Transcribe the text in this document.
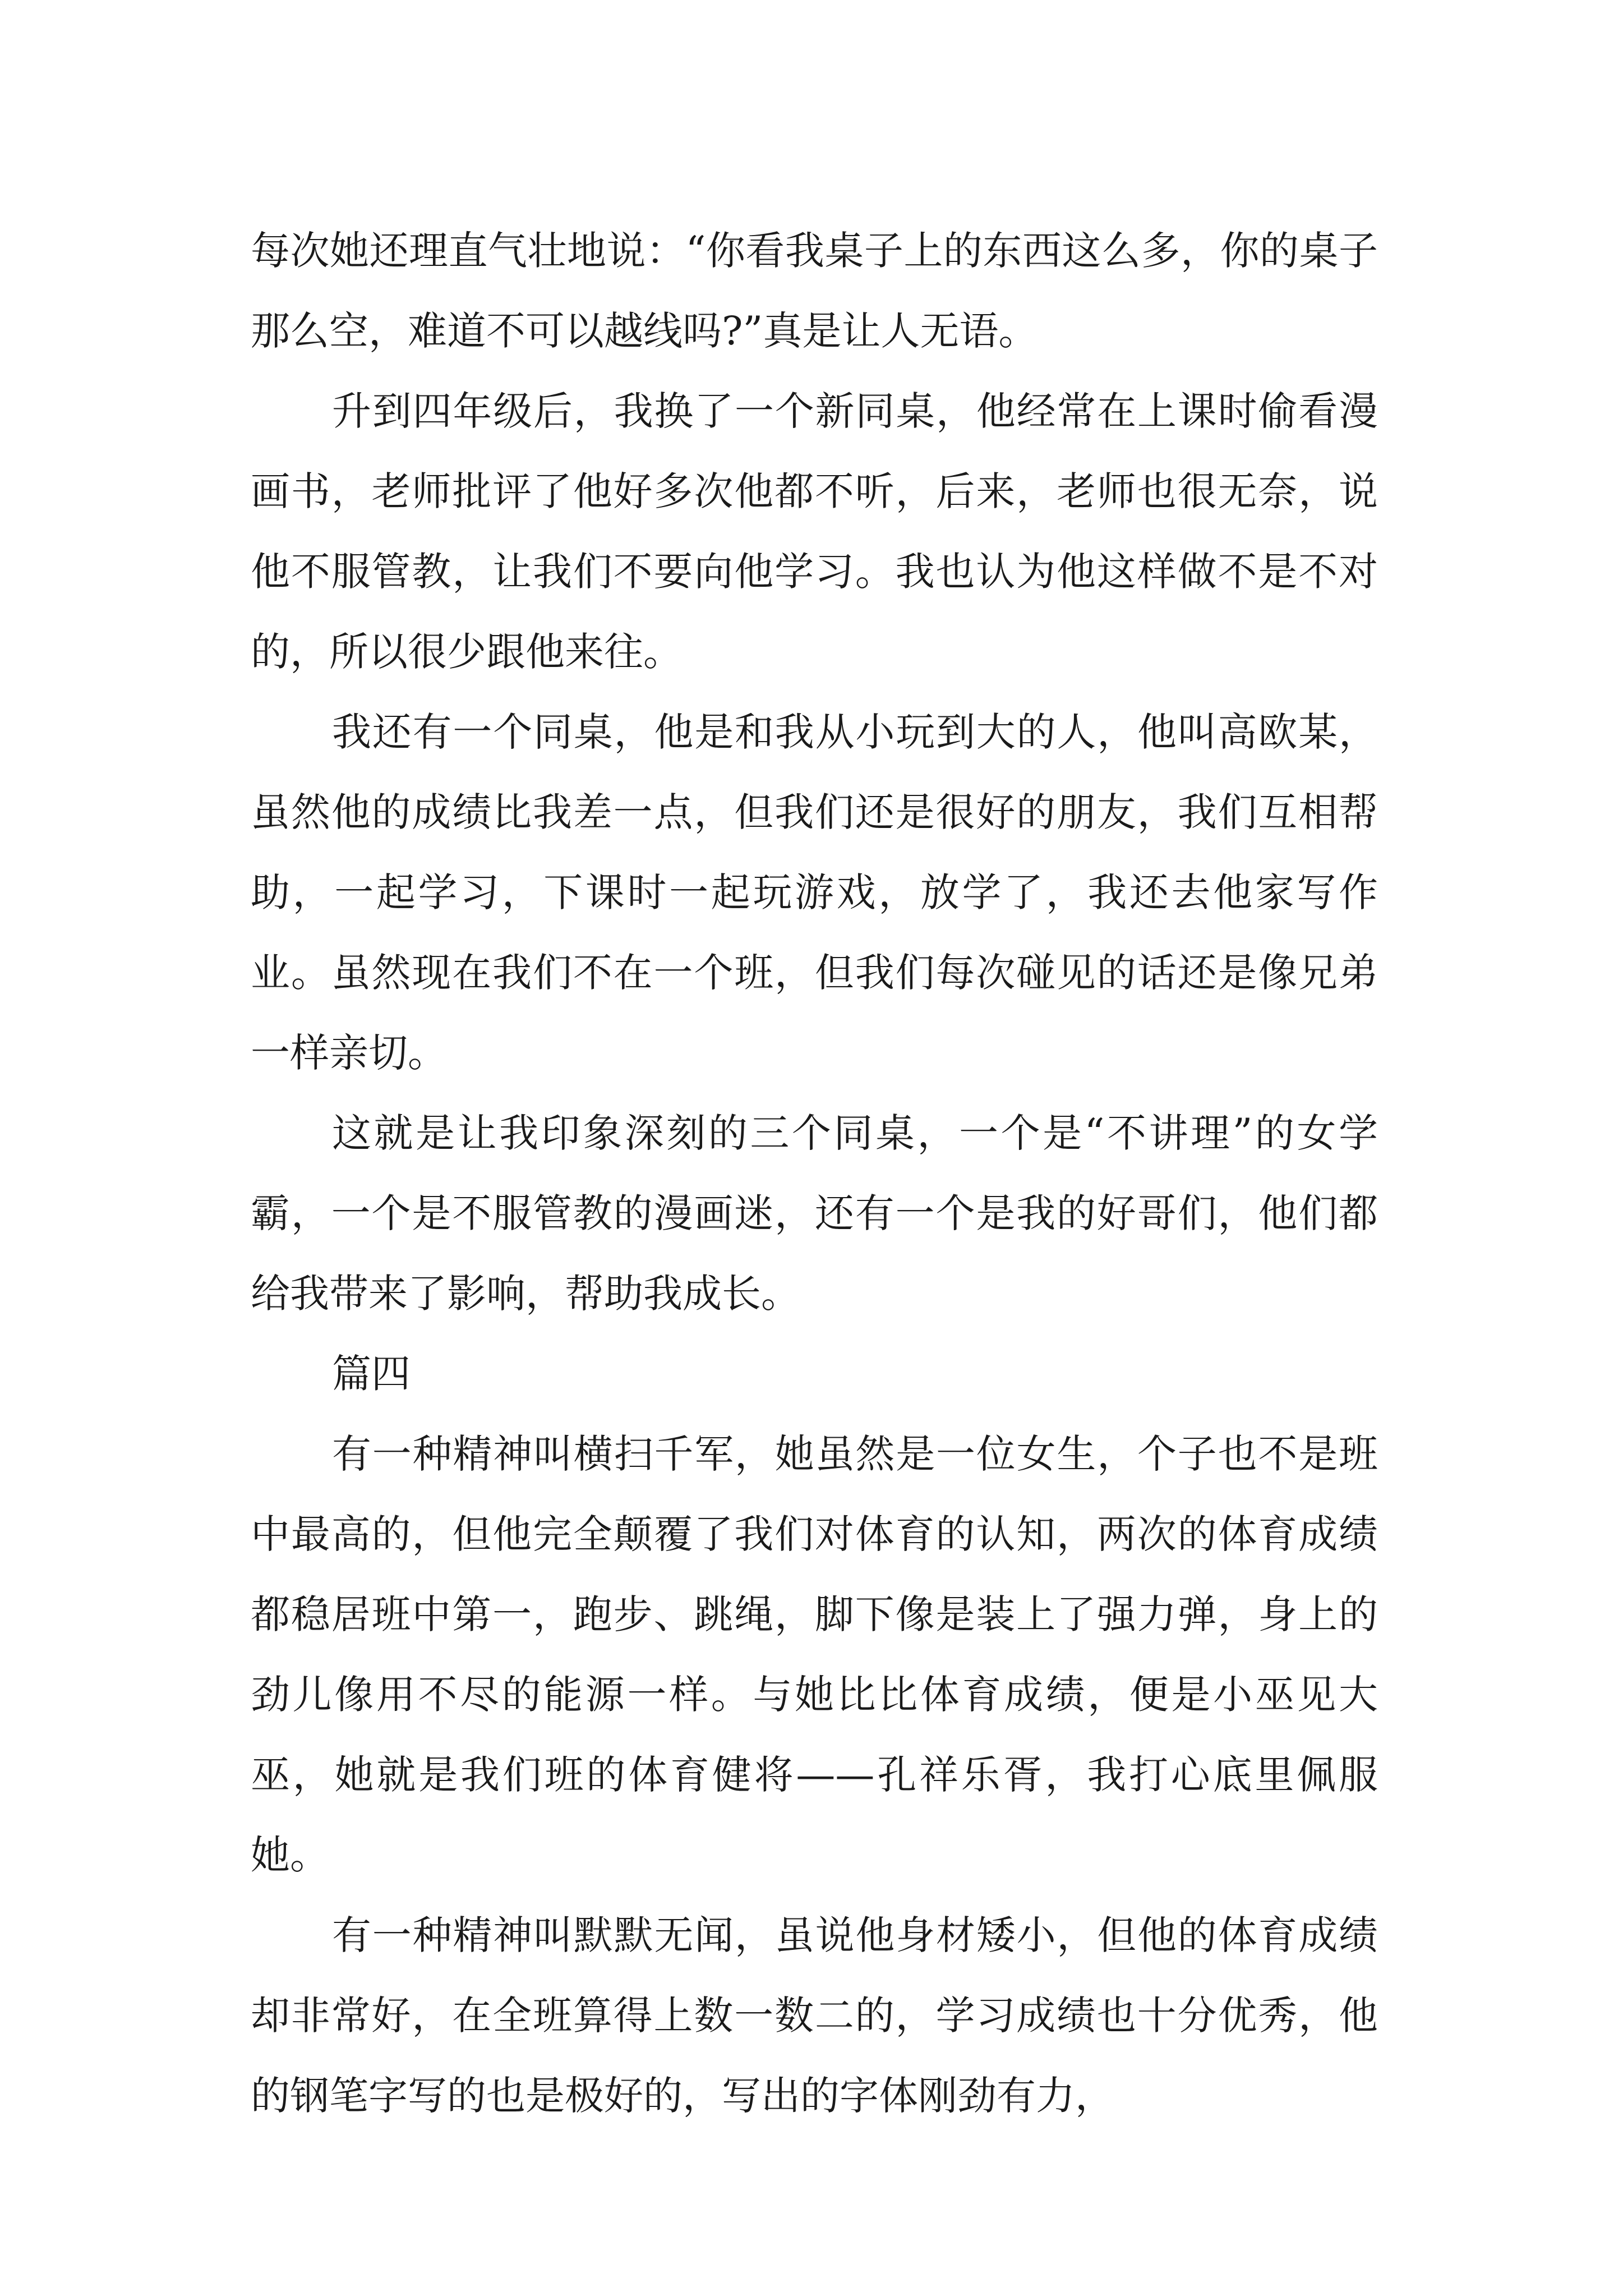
每次她还理直气壮地说：“你看我桌子上的东西这么多，你的桌子那么空，难道不可以越线吗?”真是让人无语。

升到四年级后，我换了一个新同桌，他经常在上课时偷看漫画书，老师批评了他好多次他都不听，后来，老师也很无奈，说他不服管教，让我们不要向他学习。我也认为他这样做不是不对的，所以很少跟他来往。

我还有一个同桌，他是和我从小玩到大的人，他叫高欧某，虽然他的成绩比我差一点，但我们还是很好的朋友，我们互相帮助，一起学习，下课时一起玩游戏，放学了，我还去他家写作业。虽然现在我们不在一个班，但我们每次碰见的话还是像兄弟一样亲切。

这就是让我印象深刻的三个同桌，一个是“不讲理”的女学霸，一个是不服管教的漫画迷，还有一个是我的好哥们，他们都给我带来了影响，帮助我成长。

篇四

有一种精神叫横扫千军，她虽然是一位女生，个子也不是班中最高的，但他完全颠覆了我们对体育的认知，两次的体育成绩都稳居班中第一，跑步、跳绳，脚下像是装上了强力弹，身上的劲儿像用不尽的能源一样。与她比比体育成绩，便是小巫见大巫，她就是我们班的体育健将——孔祥乐胥，我打心底里佩服她。

有一种精神叫默默无闻，虽说他身材矮小，但他的体育成绩却非常好，在全班算得上数一数二的，学习成绩也十分优秀，他的钢笔字写的也是极好的，写出的字体刚劲有力，
